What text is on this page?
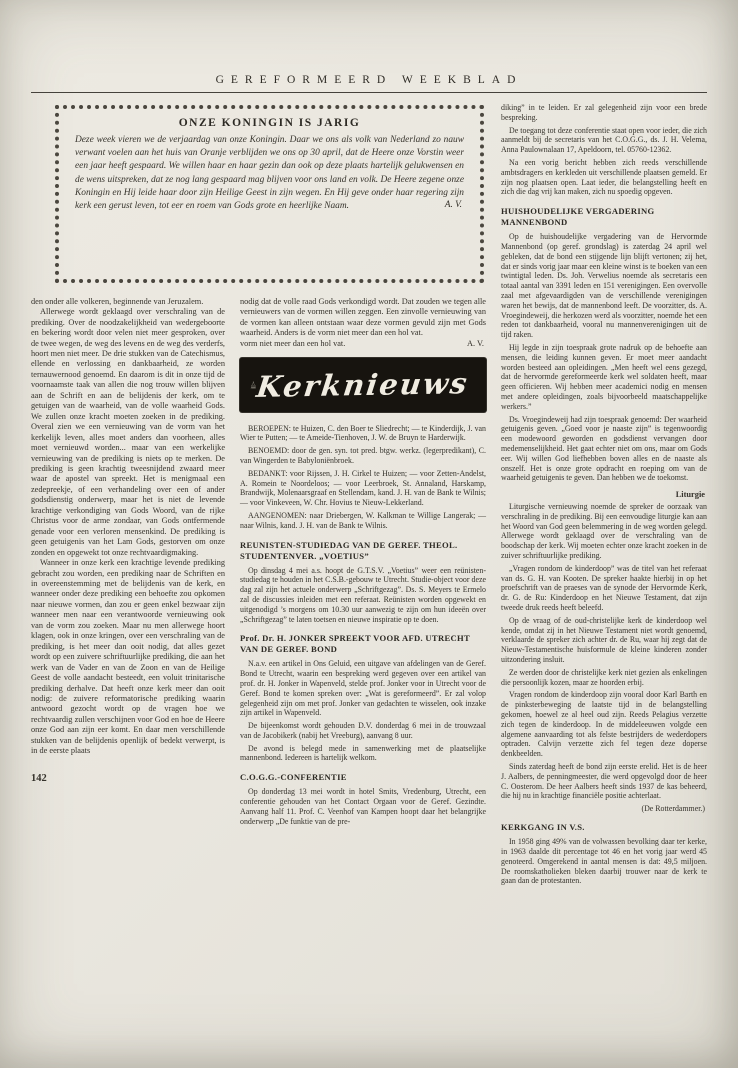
GEREFORMEERD WEEKBLAD
ONZE KONINGIN IS JARIG
Deze week vieren we de verjaardag van onze Koningin. Daar we ons als volk van Nederland zo nauw verwant voelen aan het huis van Oranje verblijden we ons op 30 april, dat de Heere onze Vorstin weer een jaar heeft gespaard. We willen haar en haar gezin dan ook op deze plaats hartelijk gelukwensen en de wens uitspreken, dat ze nog lang gespaard mag blijven voor ons land en volk. De Heere zegene onze Koningin en Hij leide haar door zijn Heilige Geest in zijn wegen. En Hij geve onder haar regering zijn kerk een gerust leven, tot eer en roem van Gods grote en heerlijke Naam.	A. V.

den onder alle volkeren, beginnende van Jeruzalem.

Allerwege wordt geklaagd over verschraling van de prediking. Over de noodzakelijkheid van wedergeboorte en bekering wordt door velen niet meer gesproken, over de twee wegen, de weg des levens en de weg des verderfs, hoort men niet meer. De drie stukken van de Catechismus, ellende en verlossing en dankbaarheid, ze worden ternauwernood genoemd. En daarom is dit in onze tijd de voornaamste taak van allen die nog trouw willen blijven aan de Schrift en aan de belijdenis der kerk, om te getuigen van de waarheid, van de volle waarheid Gods. We zullen onze kracht moeten zoeken in de prediking. Overal zien we een vernieuwing van de vorm van het kerkelijk leven, alles moet anders dan voorheen, alles moet vernieuwd worden... maar van een werkelijke vernieuwing van de prediking is niets op te merken. De prediking is geen krachtig tweesnijdend zwaard meer waar de apostel van spreekt. Het is menigmaal een zedepreekje, of een verhandeling over een of ander godsdienstig onderwerp, maar het is niet de levende krachtige verkondiging van Gods Woord, van de rijke Christus voor de arme zondaar, van Gods ontfermende genade voor een verloren mensenkind. De prediking is geen getuigenis van het Lam Gods, gestorven om onze zonden en opgewekt tot onze rechtvaardigmaking.

Wanneer in onze kerk een krachtige levende prediking gebracht zou worden, een prediking naar de Schriften en in overeenstemming met de belijdenis van de kerk, en wanneer onder deze prediking een behoefte zou opkomen naar nieuwe vormen, dan zou er geen enkel bezwaar zijn wanneer men naar een verantwoorde vernieuwing ook van de vorm zou zoeken. Maar nu men allerwege hoort klagen, ook in onze kringen, over een verschraling van de prediking, is het meer dan ooit nodig, dat alles gezet wordt op een zuivere schriftuurlijke prediking, die aan het werk van de Vader en van de Zoon en van de Heilige Geest de volle aandacht besteedt, een voluit trinitarische prediking derhalve. Dat heeft onze kerk meer dan ooit nodig: de zuivere reformatorische prediking waarin antwoord gezocht wordt op de vragen hoe we rechtvaardig zullen verschijnen voor God en hoe de Heere onze God aan zijn eer komt. En daar men verschillende stukken van de belijdenis openlijk of bedekt verwerpt, is in de eerste plaats

142

nodig dat de volle raad Gods verkondigd wordt. Dat zouden we tegen alle vernieuwers van de vormen willen zeggen. Een zinvolle vernieuwing van de vormen kan alleen ontstaan waar deze vormen gevuld zijn met Gods waarheid. Anders is de vorm niet meer dan een hol vat.

vorm niet meer dan een hol vat.	A. V.
Kerknieuws

BEROEPEN: te Huizen, C. den Boer te Sliedrecht; — te Kinderdijk, J. van Wier te Putten; — te Ameide-Tienhoven, J. W. de Bruyn te Harderwijk.

BENOEMD: door de gen. syn. tot pred. btgw. werkz. (legerpredikant), C. van Wingerden te Babyloniënbroek.

BEDANKT: voor Rijssen, J. H. Cirkel te Huizen; — voor Zetten-Andelst, A. Romein te Noordeloos; — voor Leerbroek, St. Annaland, Harskamp, Brandwijk, Molenaarsgraaf en Stellendam, kand. J. H. van de Bank te Wilnis; — voor Vinkeveen, W. Chr. Hovius te Nieuw-Lekkerland.

AANGENOMEN: naar Driebergen, W. Kalkman te Willige Langerak; — naar Wilnis, kand. J. H. van de Bank te Wilnis.

REUNISTEN-STUDIEDAG VAN DE GEREF. THEOL. STUDENTENVER. „VOETIUS”

Op dinsdag 4 mei a.s. hoopt de G.T.S.V. „Voetius” weer een reünisten-studiedag te houden in het C.S.B.-gebouw te Utrecht. Studie-object voor deze dag zal zijn het actuele onderwerp „Schriftgezag”. Ds. S. Meyers te Ermelo zal de discussies inleiden met een referaat. Reünisten worden opgewekt en uitgenodigd ’s morgens om 10.30 uur aanwezig te zijn om hun ideeën over „Schriftgezag” te laten toetsen en nieuwe inspiratie op te doen.

Prof. Dr. H. JONKER SPREEKT VOOR AFD. UTRECHT VAN DE GEREF. BOND

N.a.v. een artikel in Ons Geluid, een uitgave van afdelingen van de Geref. Bond te Utrecht, waarin een bespreking werd gegeven over een artikel van prof. dr. H. Jonker in Wapenveld, stelde prof. Jonker voor in Utrecht voor de Geref. Bond te komen spreken over: „Wat is gereformeerd”. Er zal volop gelegenheid zijn om met prof. Jonker van gedachten te wisselen, ook inzake zijn artikel in Wapenveld.

De bijeenkomst wordt gehouden D.V. donderdag 6 mei in de trouwzaal van de Jacobikerk (nabij het Vreeburg), aanvang 8 uur.

De avond is belegd mede in samenwerking met de plaatselijke mannenbond. Iedereen is hartelijk welkom.

C.O.G.G.-CONFERENTIE

Op donderdag 13 mei wordt in hotel Smits, Vredenburg, Utrecht, een conferentie gehouden van het Contact Orgaan voor de Geref. Gezindte. Aanvang half 11. Prof. C. Veenhof van Kampen hoopt daar het belangrijke onderwerp „De funktie van de pre-

diking” in te leiden. Er zal gelegenheid zijn voor een brede bespreking.

De toegang tot deze conferentie staat open voor ieder, die zich aanmeldt bij de secretaris van het C.O.G.G., ds. J. H. Velema, Anna Paulownalaan 17, Apeldoorn, tel. 05760-12362.

Na een vorig bericht hebben zich reeds verschillende ambtsdragers en kerkleden uit verschillende plaatsen gemeld. Er zijn nog plaatsen open. Laat ieder, die belangstelling heeft en zich die dag vrij kan maken, zich nu spoedig opgeven.

HUISHOUDELIJKE VERGADERING MANNENBOND

Op de huishoudelijke vergadering van de Hervormde Mannenbond (op geref. grondslag) is zaterdag 24 april wel gebleken, dat de bond een stijgende lijn blijft vertonen; zij het, dat er sinds vorig jaar maar een kleine winst is te boeken van een twintigtal leden. Ds. Joh. Verwelius noemde als secretaris een totaal aantal van 3391 leden en 151 verenigingen. Een overvolle zaal met afgevaardigden van de verschillende verenigingen waren het bewijs, dat de mannenbond leeft. De voorzitter, ds. A. Vroegindeweij, die herkozen werd als voorzitter, noemde het een reden tot dankbaarheid, vooral nu mannenverenigingen uit de tijd raken.

Hij legde in zijn toespraak grote nadruk op de behoefte aan mensen, die leiding kunnen geven. Er moet meer aandacht worden besteed aan opleidingen. „Men heeft wel eens gezegd, dat de hervormde gereformeerde kerk wel soldaten heeft, maar geen officieren. Wij hebben meer academici nodig en mensen met andere opleidingen, zoals bijvoorbeeld maatschappelijke werkers.”

Ds. Vroegindeweij had zijn toespraak genoemd: Der waarheid getuigenis geven. „Goed voor je naaste zijn” is tegenwoordig een modewoord geworden en godsdienst vervangen door medemenselijkheid. Het gaat echter niet om ons, maar om Gods eer. Wij willen God liefhebben boven alles en de naaste als onszelf. Het is onze grote opdracht en roeping om van de waarheid getuigenis te geven. Dan hebben we de toekomst.

Liturgie

Liturgische vernieuwing noemde de spreker de oorzaak van verschraling in de prediking. Bij een eenvoudige liturgie kan aan het Woord van God geen belemmering in de weg worden gelegd. Allerwege wordt geklaagd over de verschraling van de boodschap der kerk. Wij moeten echter onze kracht zoeken in de zuiver schriftuurlijke prediking.

„Vragen rondom de kinderdoop” was de titel van het referaat van ds. G. H. van Kooten. De spreker haakte hierbij in op het proefschrift van de praeses van de synode der Hervormde Kerk, dr. G. de Ru: Kinderdoop en het Nieuwe Testament, dat zijn tweede druk reeds heeft beleefd.

Op de vraag of de oud-christelijke kerk de kinderdoop wel kende, omdat zij in het Nieuwe Testament niet wordt genoemd, verklaarde de spreker zich achter dr. de Ru, waar hij zegt dat de Nieuw-Testamentische huisformule de kleine kinderen zonder uitzondering insluit.

Ze werden door de christelijke kerk niet gezien als enkelingen die persoonlijk kozen, maar ze hoorden erbij.

Vragen rondom de kinderdoop zijn vooral door Karl Barth en de pinksterbeweging de laatste tijd in de belangstelling gekomen, hoewel ze al heel oud zijn. Reeds Pelagius verzette zich tegen de kinderdoop. In de middeleeuwen volgde een algemene aanvaarding tot als felste bestrijders de wederdopers optraden. Calvijn verzette zich fel tegen deze doperse denkbeelden.

Sinds zaterdag heeft de bond zijn eerste erelid. Het is de heer J. Aalbers, de penningmeester, die werd opgevolgd door de heer C. Oosterom. De heer Aalbers heeft sinds 1937 de kas beheerd, die hij nu in krachtige financiële positie achterlaat.

(De Rotterdammer.)
KERKGANG IN V.S.

In 1958 ging 49% van de volwassen bevolking daar ter kerke, in 1963 daalde dit percentage tot 46 en het vorig jaar werd 45 genoteerd. Omgerekend in aantal mensen is dat: 49,5 miljoen. De roomskatholieken bleken daarbij trouwer naar de kerk te gaan dan de protestanten.
